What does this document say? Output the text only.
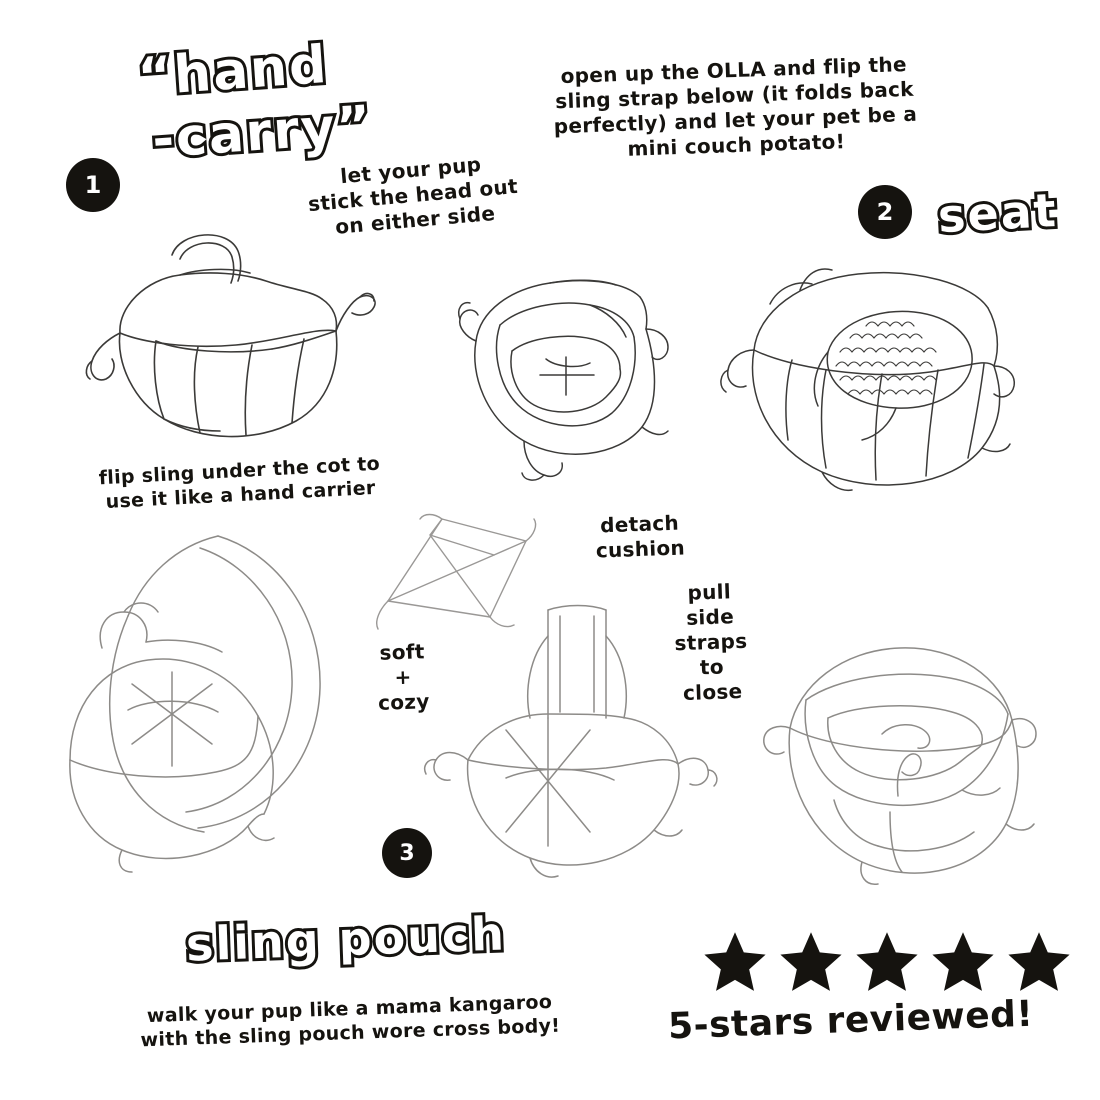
1
“hand
-carry”
let your pup
stick the head out
on either side
flip sling under the cot to
use it like a hand carrier
open up the OLLA and flip the
sling strap below (it folds back
perfectly) and let your pet be a
mini couch potato!
2 seat
detach
cushion
soft
+
cozy
pull
side
straps
to
close
3
sling pouch
walk your pup like a mama kangaroo
with the sling pouch wore cross body!	5-stars reviewed!
